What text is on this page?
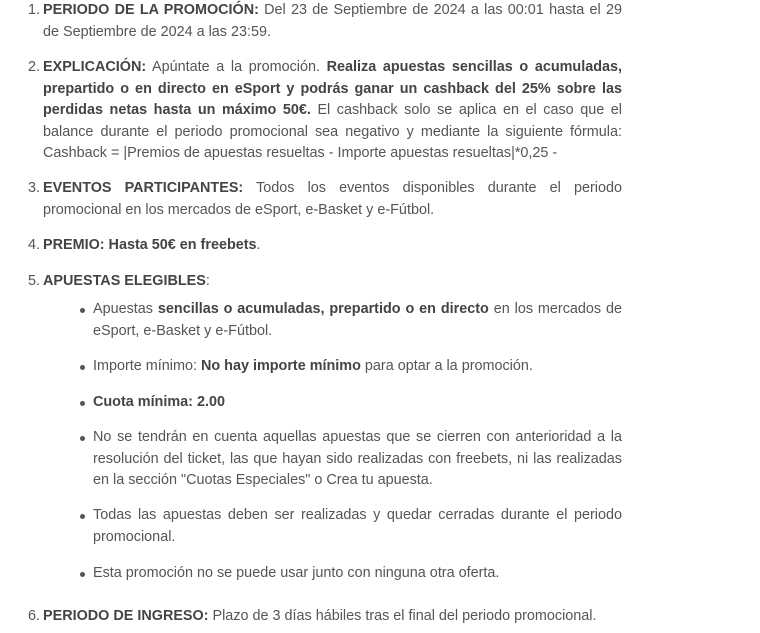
1. PERIODO DE LA PROMOCIÓN: Del 23 de Septiembre de 2024 a las 00:01 hasta el 29 de Septiembre de 2024 a las 23:59.
2. EXPLICACIÓN: Apúntate a la promoción. Realiza apuestas sencillas o acumuladas, prepartido o en directo en eSport y podrás ganar un cashback del 25% sobre las perdidas netas hasta un máximo 50€. El cashback solo se aplica en el caso que el balance durante el periodo promocional sea negativo y mediante la siguiente fórmula: Cashback = |Premios de apuestas resueltas - Importe apuestas resueltas|*0,25 -
3. EVENTOS PARTICIPANTES: Todos los eventos disponibles durante el periodo promocional en los mercados de eSport, e-Basket y e-Fútbol.
4. PREMIO: Hasta 50€ en freebets.
5. APUESTAS ELEGIBLES:
Apuestas sencillas o acumuladas, prepartido o en directo en los mercados de eSport, e-Basket y e-Fútbol.
Importe mínimo: No hay importe mínimo para optar a la promoción.
Cuota mínima: 2.00
No se tendrán en cuenta aquellas apuestas que se cierren con anterioridad a la resolución del ticket, las que hayan sido realizadas con freebets, ni las realizadas en la sección "Cuotas Especiales" o Crea tu apuesta.
Todas las apuestas deben ser realizadas y quedar cerradas durante el periodo promocional.
Esta promoción no se puede usar junto con ninguna otra oferta.
6. PERIODO DE INGRESO: Plazo de 3 días hábiles tras el final del periodo promocional.
